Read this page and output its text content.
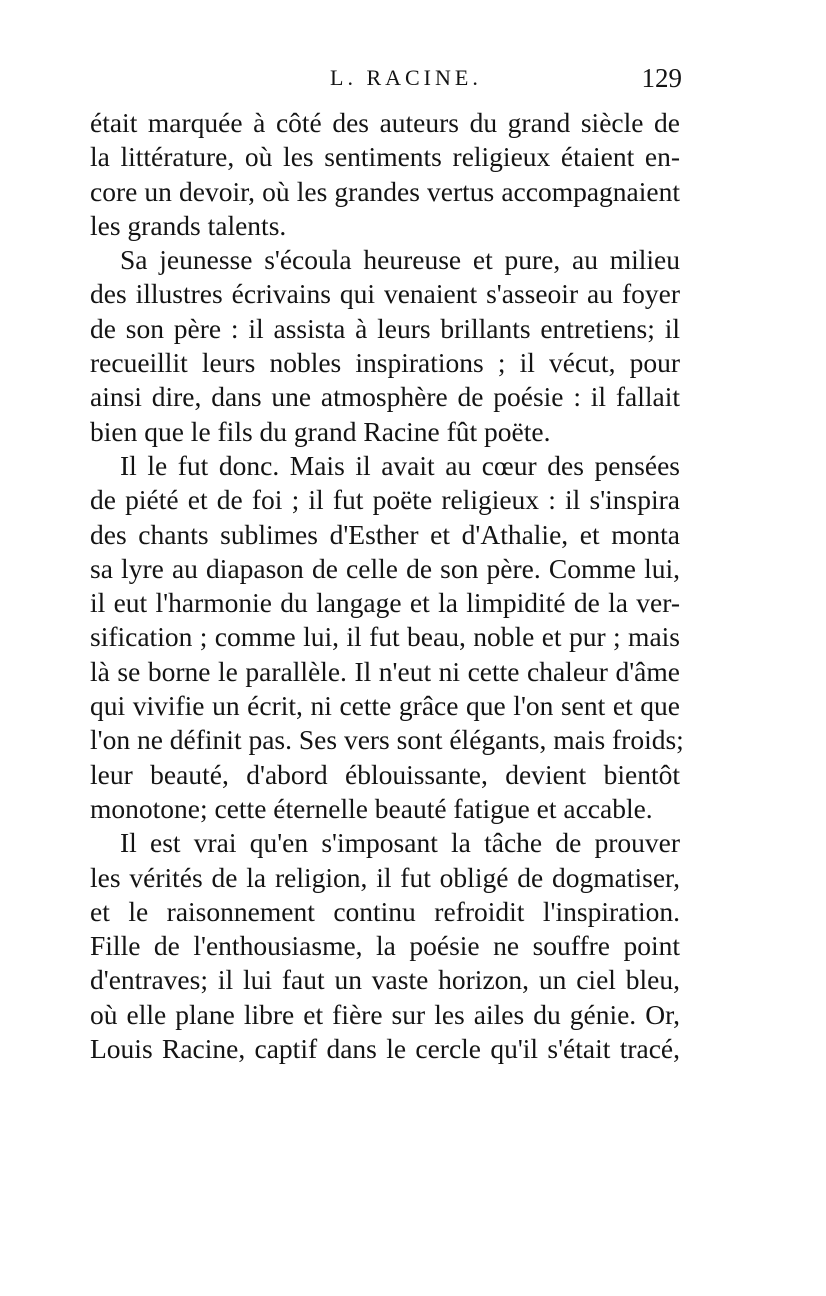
L. RACINE.	129
était marquée à côté des auteurs du grand siècle de
la littérature, où les sentiments religieux étaient en-
core un devoir, où les grandes vertus accompagnaient
les grands talents.
Sa jeunesse s'écoula heureuse et pure, au milieu
des illustres écrivains qui venaient s'asseoir au foyer
de son père : il assista à leurs brillants entretiens; il
recueillit leurs nobles inspirations ; il vécut, pour
ainsi dire, dans une atmosphère de poésie : il fallait
bien que le fils du grand Racine fût poëte.
Il le fut donc. Mais il avait au cœur des pensées
de piété et de foi ; il fut poëte religieux : il s'inspira
des chants sublimes d'Esther et d'Athalie, et monta
sa lyre au diapason de celle de son père. Comme lui,
il eut l'harmonie du langage et la limpidité de la ver-
sification ; comme lui, il fut beau, noble et pur ; mais
là se borne le parallèle. Il n'eut ni cette chaleur d'âme
qui vivifie un écrit, ni cette grâce que l'on sent et que
l'on ne définit pas. Ses vers sont élégants, mais froids;
leur beauté, d'abord éblouissante, devient bientôt
monotone; cette éternelle beauté fatigue et accable.
Il est vrai qu'en s'imposant la tâche de prouver
les vérités de la religion, il fut obligé de dogmatiser,
et le raisonnement continu refroidit l'inspiration.
Fille de l'enthousiasme, la poésie ne souffre point
d'entraves; il lui faut un vaste horizon, un ciel bleu,
où elle plane libre et fière sur les ailes du génie. Or,
Louis Racine, captif dans le cercle qu'il s'était tracé,
